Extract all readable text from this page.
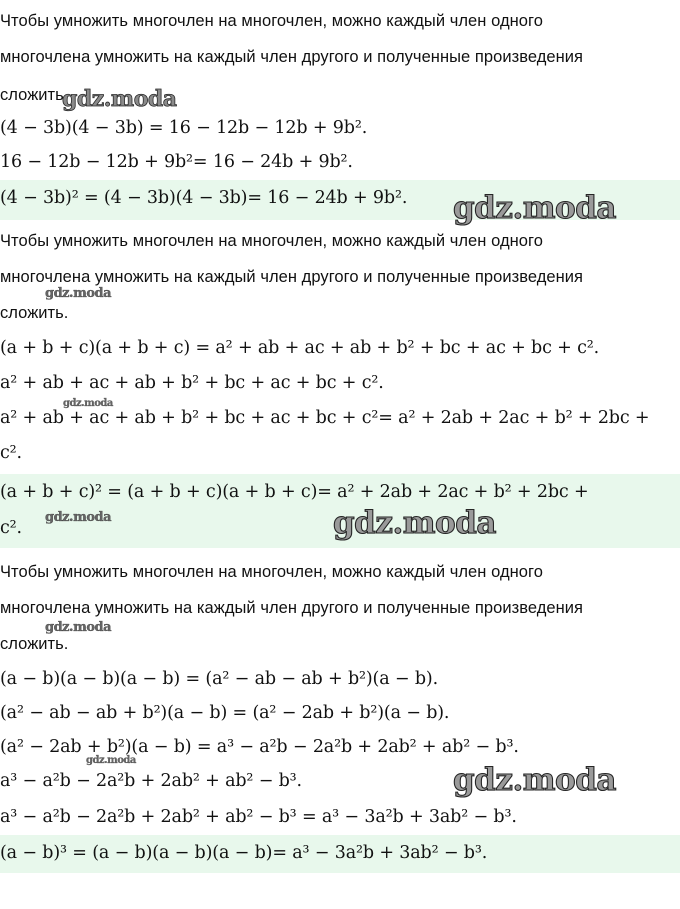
Чтобы умножить многочлен на многочлен, можно каждый член одного
многочлена умножить на каждый член другого и полученные произведения
сложить.
(4 − 3b)(4 − 3b) = 16 − 12b − 12b + 9b².
16 − 12b − 12b + 9b²= 16 − 24b + 9b².
(4 − 3b)² = (4 − 3b)(4 − 3b)= 16 − 24b + 9b².
Чтобы умножить многочлен на многочлен, можно каждый член одного
многочлена умножить на каждый член другого и полученные произведения
сложить.
(a + b + c)(a + b + c) = a² + ab + ac + ab + b² + bc + ac + bc + c².
a² + ab + ac + ab + b² + bc + ac + bc + c².
a² + ab + ac + ab + b² + bc + ac + bc + c²= a² + 2ab + 2ac + b² + 2bc +
c².
(a + b + c)² = (a + b + c)(a + b + c)= a² + 2ab + 2ac + b² + 2bc +
c².
Чтобы умножить многочлен на многочлен, можно каждый член одного
многочлена умножить на каждый член другого и полученные произведения
сложить.
(a − b)(a − b)(a − b) = (a² − ab − ab + b²)(a − b).
(a² − ab − ab + b²)(a − b) = (a² − 2ab + b²)(a − b).
(a² − 2ab + b²)(a − b) = a³ − a²b − 2a²b + 2ab² + ab² − b³.
a³ − a²b − 2a²b + 2ab² + ab² − b³.
a³ − a²b − 2a²b + 2ab² + ab² − b³ = a³ − 3a²b + 3ab² − b³.
(a − b)³ = (a − b)(a − b)(a − b)= a³ − 3a²b + 3ab² − b³.
gdz.moda
gdz.moda
gdz.moda
gdz.moda
gdz.moda	gdz.moda
gdz.moda
gdz.moda
gdz.moda
